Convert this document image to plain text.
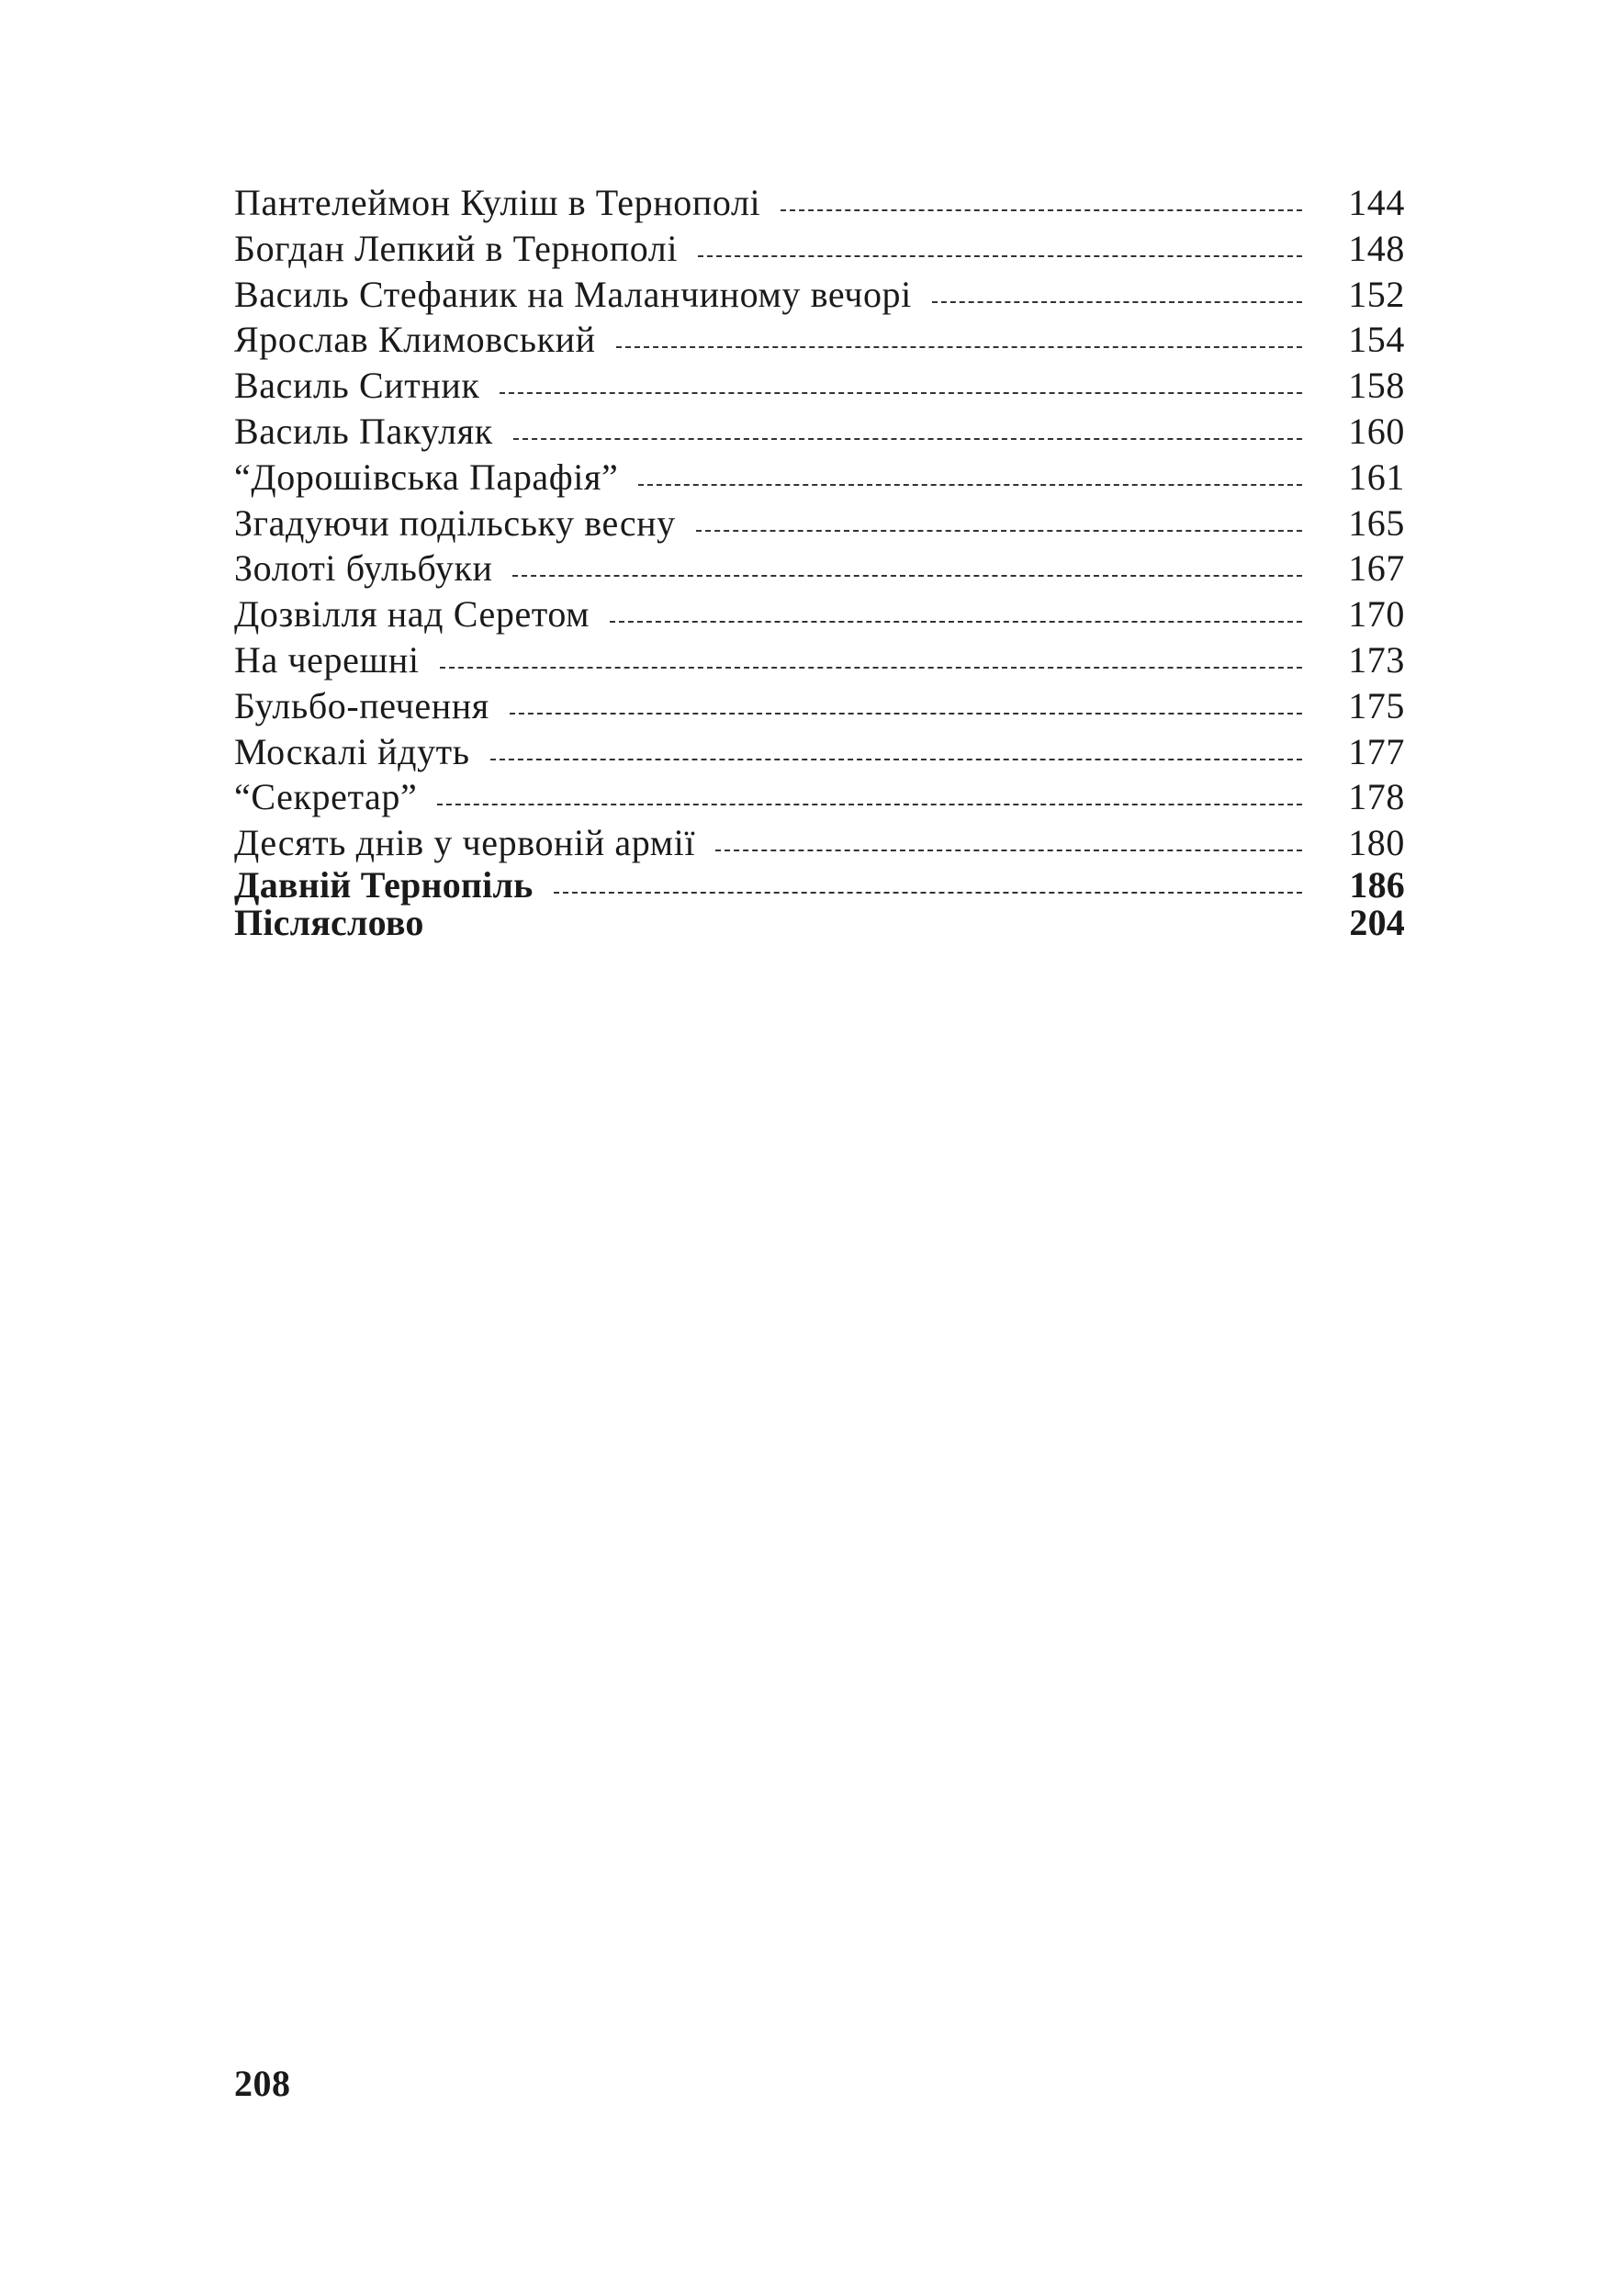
Пантелеймон Куліш в Тернополі	144
Богдан Лепкий в Тернополі	148
Василь Стефаник на Маланчиному вечорі	152
Ярослав Климовський	154
Василь Ситник	158
Василь Пакуляк	160
“Дорошівська Парафія”	161
Згадуючи подільську весну	165
Золоті бульбуки	167
Дозвілля над Серетом	170
На черешні	173
Бульбо-печення	175
Москалі йдуть	177
“Секретар”	178
Десять днів у червоній армії	180
Давній Тернопіль	186
Післяслово	204
208
